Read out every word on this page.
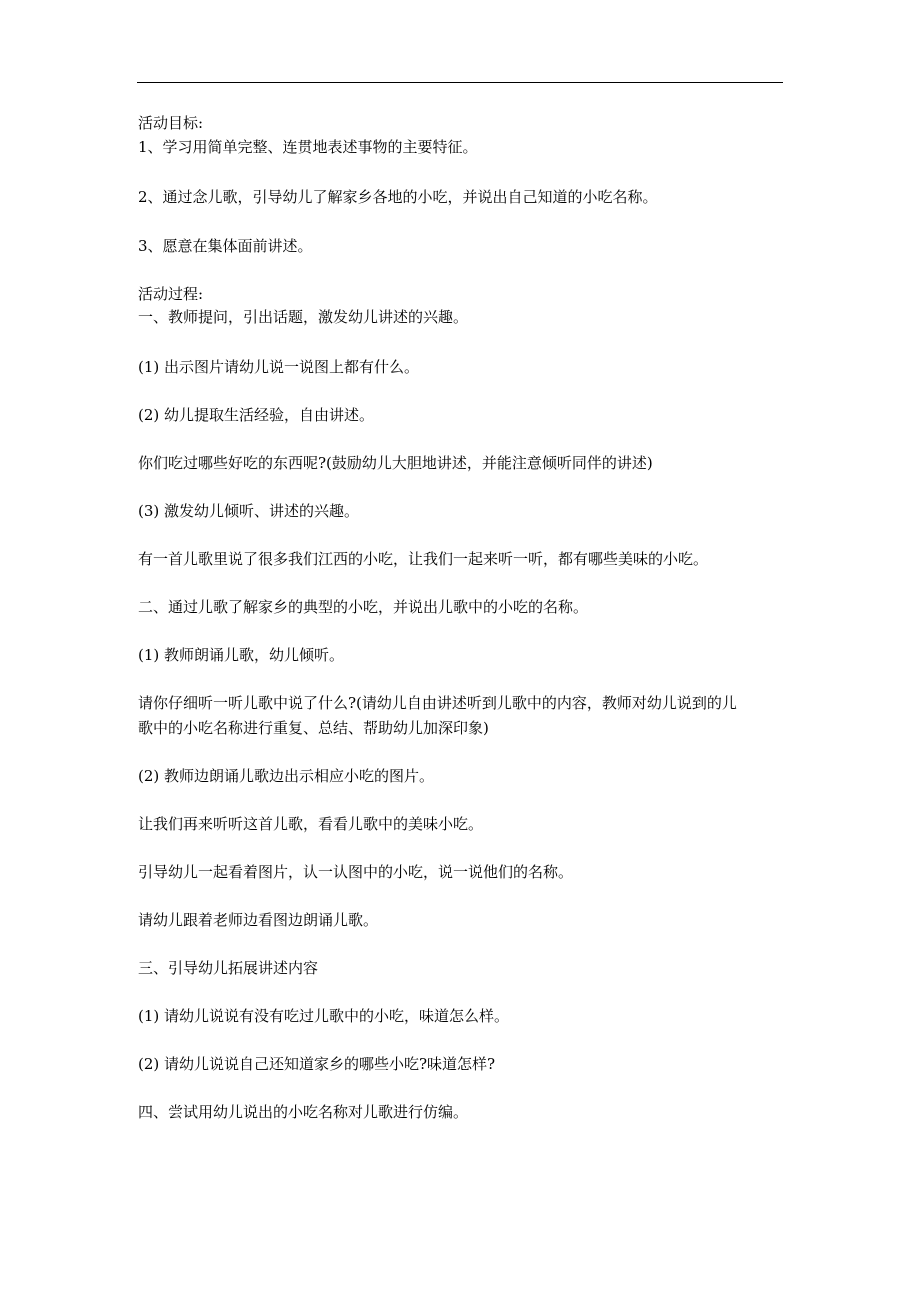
活动目标:
1、学习用简单完整、连贯地表述事物的主要特征。
2、通过念儿歌，引导幼儿了解家乡各地的小吃，并说出自己知道的小吃名称。
3、愿意在集体面前讲述。
活动过程:
一、教师提问，引出话题，激发幼儿讲述的兴趣。
(1) 出示图片请幼儿说一说图上都有什么。
(2) 幼儿提取生活经验，自由讲述。
你们吃过哪些好吃的东西呢?(鼓励幼儿大胆地讲述，并能注意倾听同伴的讲述)
(3) 激发幼儿倾听、讲述的兴趣。
有一首儿歌里说了很多我们江西的小吃，让我们一起来听一听，都有哪些美味的小吃。
二、通过儿歌了解家乡的典型的小吃，并说出儿歌中的小吃的名称。
(1) 教师朗诵儿歌，幼儿倾听。
请你仔细听一听儿歌中说了什么?(请幼儿自由讲述听到儿歌中的内容，教师对幼儿说到的儿
歌中的小吃名称进行重复、总结、帮助幼儿加深印象)
(2) 教师边朗诵儿歌边出示相应小吃的图片。
让我们再来听听这首儿歌，看看儿歌中的美味小吃。
引导幼儿一起看着图片，认一认图中的小吃，说一说他们的名称。
请幼儿跟着老师边看图边朗诵儿歌。
三、引导幼儿拓展讲述内容
(1) 请幼儿说说有没有吃过儿歌中的小吃，味道怎么样。
(2) 请幼儿说说自己还知道家乡的哪些小吃?味道怎样?
四、尝试用幼儿说出的小吃名称对儿歌进行仿编。
